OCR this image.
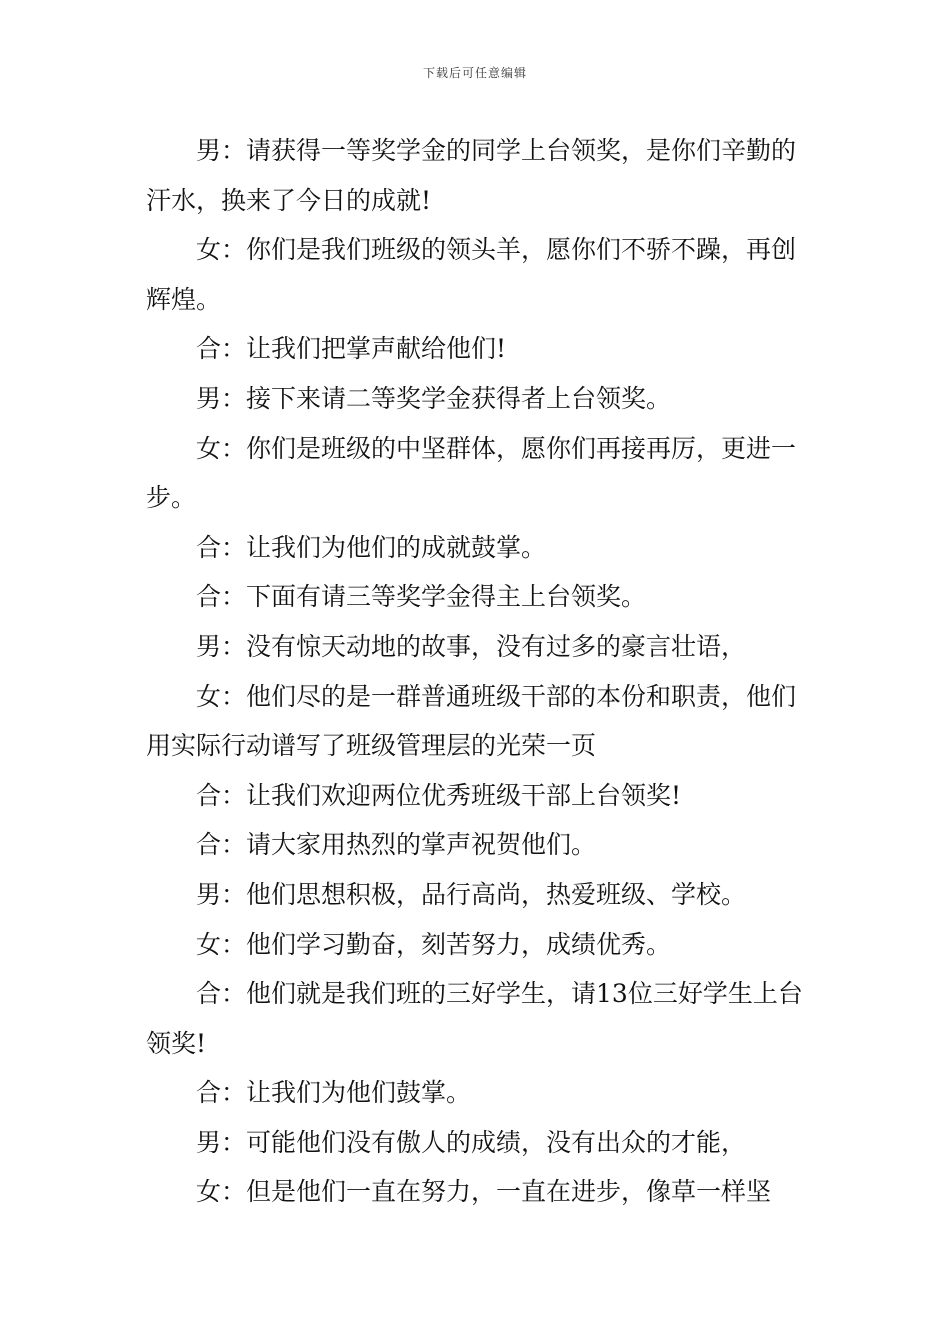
下载后可任意编辑

男：请获得一等奖学金的同学上台领奖，是你们辛勤的汗水，换来了今日的成就!

女：你们是我们班级的领头羊，愿你们不骄不躁，再创辉煌。

合：让我们把掌声献给他们!

男：接下来请二等奖学金获得者上台领奖。

女：你们是班级的中坚群体，愿你们再接再厉，更进一步。

合：让我们为他们的成就鼓掌。

合：下面有请三等奖学金得主上台领奖。

男：没有惊天动地的故事，没有过多的豪言壮语，

女：他们尽的是一群普通班级干部的本份和职责，他们用实际行动谱写了班级管理层的光荣一页

合：让我们欢迎两位优秀班级干部上台领奖!

合：请大家用热烈的掌声祝贺他们。

男：他们思想积极，品行高尚，热爱班级、学校。

女：他们学习勤奋，刻苦努力，成绩优秀。

合：他们就是我们班的三好学生，请13位三好学生上台领奖!

合：让我们为他们鼓掌。

男：可能他们没有傲人的成绩，没有出众的才能，

女：但是他们一直在努力，一直在进步，像草一样坚
